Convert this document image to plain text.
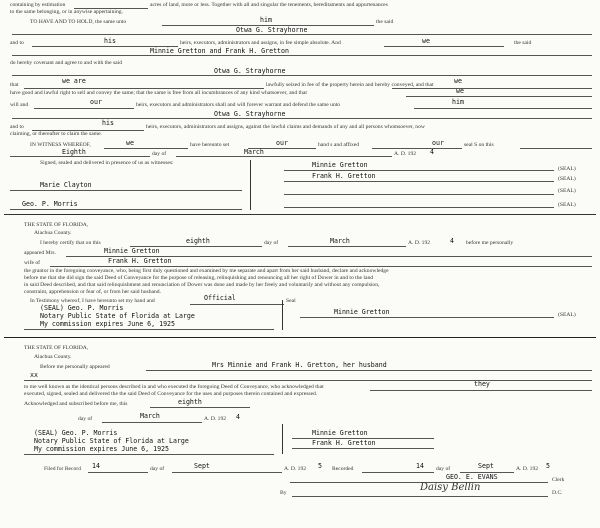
containing by estimation	acres of land, more or less. Together with all and singular the tenements, hereditaments and appurtenances
to the same belonging, or in anywise appertaining.
TO HAVE AND TO HOLD, the same unto	him	the said
Otwa G. Strayhorne
and to	his	heirs, executors, administrators and assigns, in fee simple absolute. And	we	the said
Minnie Gretton and Frank H. Gretton
do hereby covenant and agree to and with the said
Otwa G. Strayhorne
that	we are	lawfully seized in fee of the property herein and hereby conveyed, and that	we
have good and lawful right to sell and convey the same; that the same is free from all incumbrances of any kind whatsoever, and that	we
will and	our	heirs, executors and administrators shall and will forever warrant and defend the same unto	him
Otwa G. Strayhorne
and to	his	heirs, executors, administrators and assigns, against the lawful claims and demands of any and all persons whomsoever, now
claiming, or thereafter to claim the same.
IN WITNESS WHEREOF,	we	have hereunto set	our	hand s and affixed	our	seal S on this
Eighth	day of	March	A. D. 192 4
Signed, sealed and delivered in presence of us as witnesses:	Minnie Gretton	(SEAL)
Frank H. Gretton	(SEAL)
Marie Clayton
(SEAL)
Geo. P. Morris	(SEAL)
THE STATE OF FLORIDA,
Alachua County.
I hereby certify that on this	eighth	day of	March	A. D. 192	4 before me personally
appeared Mrs.	Minnie Gretton
wife of	Frank H. Gretton
the grantor in the foregoing conveyance, who, being first duly questioned and examined by me separate and apart from her said husband, declare and acknowledge
before me that she did sign the said Deed of Conveyance for the purpose of releasing, relinquishing and renouncing all her right of Dower in and to the land
in said Deed described, and that said relinquishment and renunciation of Dower was done and made by her freely and voluntarily and without any compulsion,
constraint, apprehension or fear of, or from her said husband.
In Testimony whereof, I have hereunto set my hand and	Official	Seal
(SEAL) Geo. P. Morris
Notary Public State of Florida at Large
My commission expires June 6, 1925
Minnie Gretton	(SEAL)
THE STATE OF FLORIDA,
Alachua County.
Before me personally appeared	Mrs Minnie and Frank H. Gretton, her husband
xx
to me well known as the identical persons described in and who executed the foregoing Deed of Conveyance, who acknowledged that	they
executed, signed, sealed and delivered the the said Deed of Conveyance for the uses and purposes therein contained and expressed.
Acknowledged and subscribed before me, this	eighth
day of	March	A. D. 192 4
(SEAL) Geo. P. Morris
Notary Public State of Florida at Large
My commission expires June 6, 1925
Minnie Gretton
Frank H. Gretton
Filed for Record 14	day of	Sept	A. D. 192 5 Recorded	14 day of	Sept	A. D. 192 5
GEO. E. EVANS	Clerk
By	Daisy Bellin	D.C.
